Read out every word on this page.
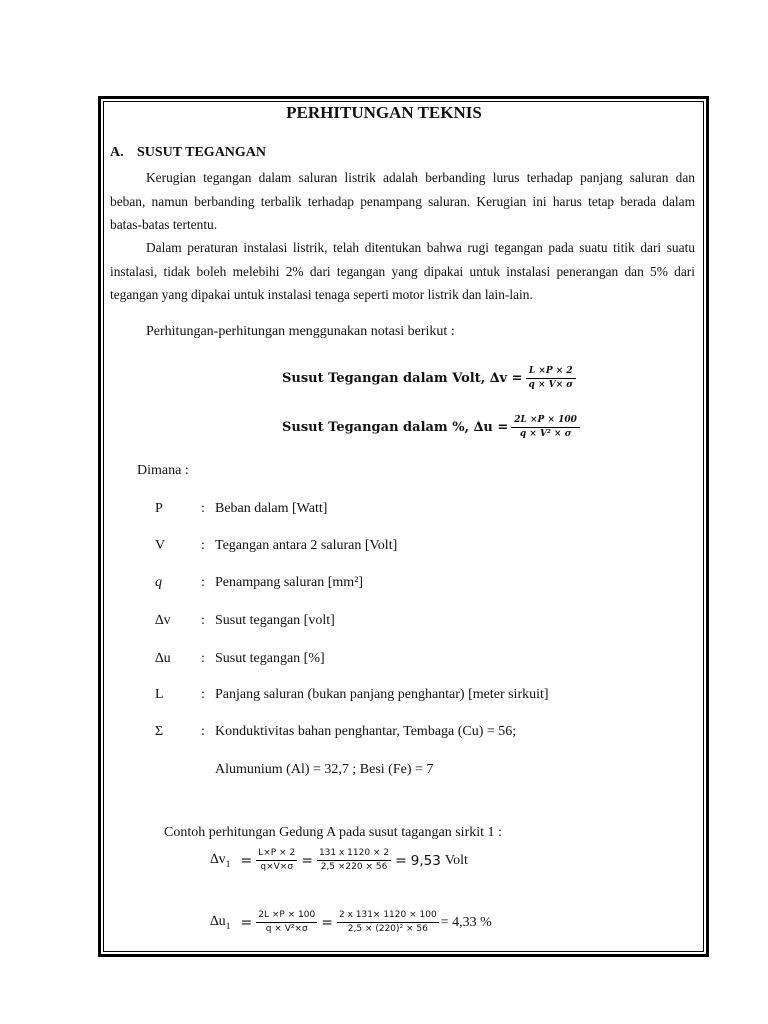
PERHITUNGAN TEKNIS
A. SUSUT TEGANGAN
Kerugian tegangan dalam saluran listrik adalah berbanding lurus terhadap panjang saluran dan
beban, namun berbanding terbalik terhadap penampang saluran. Kerugian ini harus tetap berada dalam
batas-batas tertentu.
Dalam peraturan instalasi listrik, telah ditentukan bahwa rugi tegangan pada suatu titik dari suatu
instalasi, tidak boleh melebihi 2% dari tegangan yang dipakai untuk instalasi penerangan dan 5% dari
tegangan yang dipakai untuk instalasi tenaga seperti motor listrik dan lain-lain.
Perhitungan-perhitungan menggunakan notasi berikut :
Susut Tegangan dalam Volt, $\Delta v = \frac{L \times P \times 2}{q \times V\times \sigma}$
Susut Tegangan dalam %, $\Delta u = \frac{2L \times P \times 100}{\text{q × V² × σ}}$
Dimana :
P	: Beban dalam [Watt]
V	: Tegangan antara 2 saluran [Volt]
q	: Penampang saluran [mm²]
∆v : Susut tegangan [volt]
∆u : Susut tegangan [%]
L	: Panjang saluran (bukan panjang penghantar) [meter sirkuit]
Σ	: Konduktivitas bahan penghantar, Tembaga (Cu) = 56;
Alumunium (Al) = 32,7 ; Besi (Fe) = 7
Contoh perhitungan Gedung A pada susut tagangan sirkit 1 :
$\Delta v_1 = \frac{L\times P \times 2}{q\times V\times\sigma} = \frac{131 x 1120 \times 2}{2,5 \times 220 \times 56} = 9,53$ Volt
$\Delta u_1 = \frac{2L \times P \times 100}{\text{q × V²×σ}} = \frac{2 x 131\times 1120 \times 100}{\text{2,5 × (220)² × 56}} = 4,33$ %
